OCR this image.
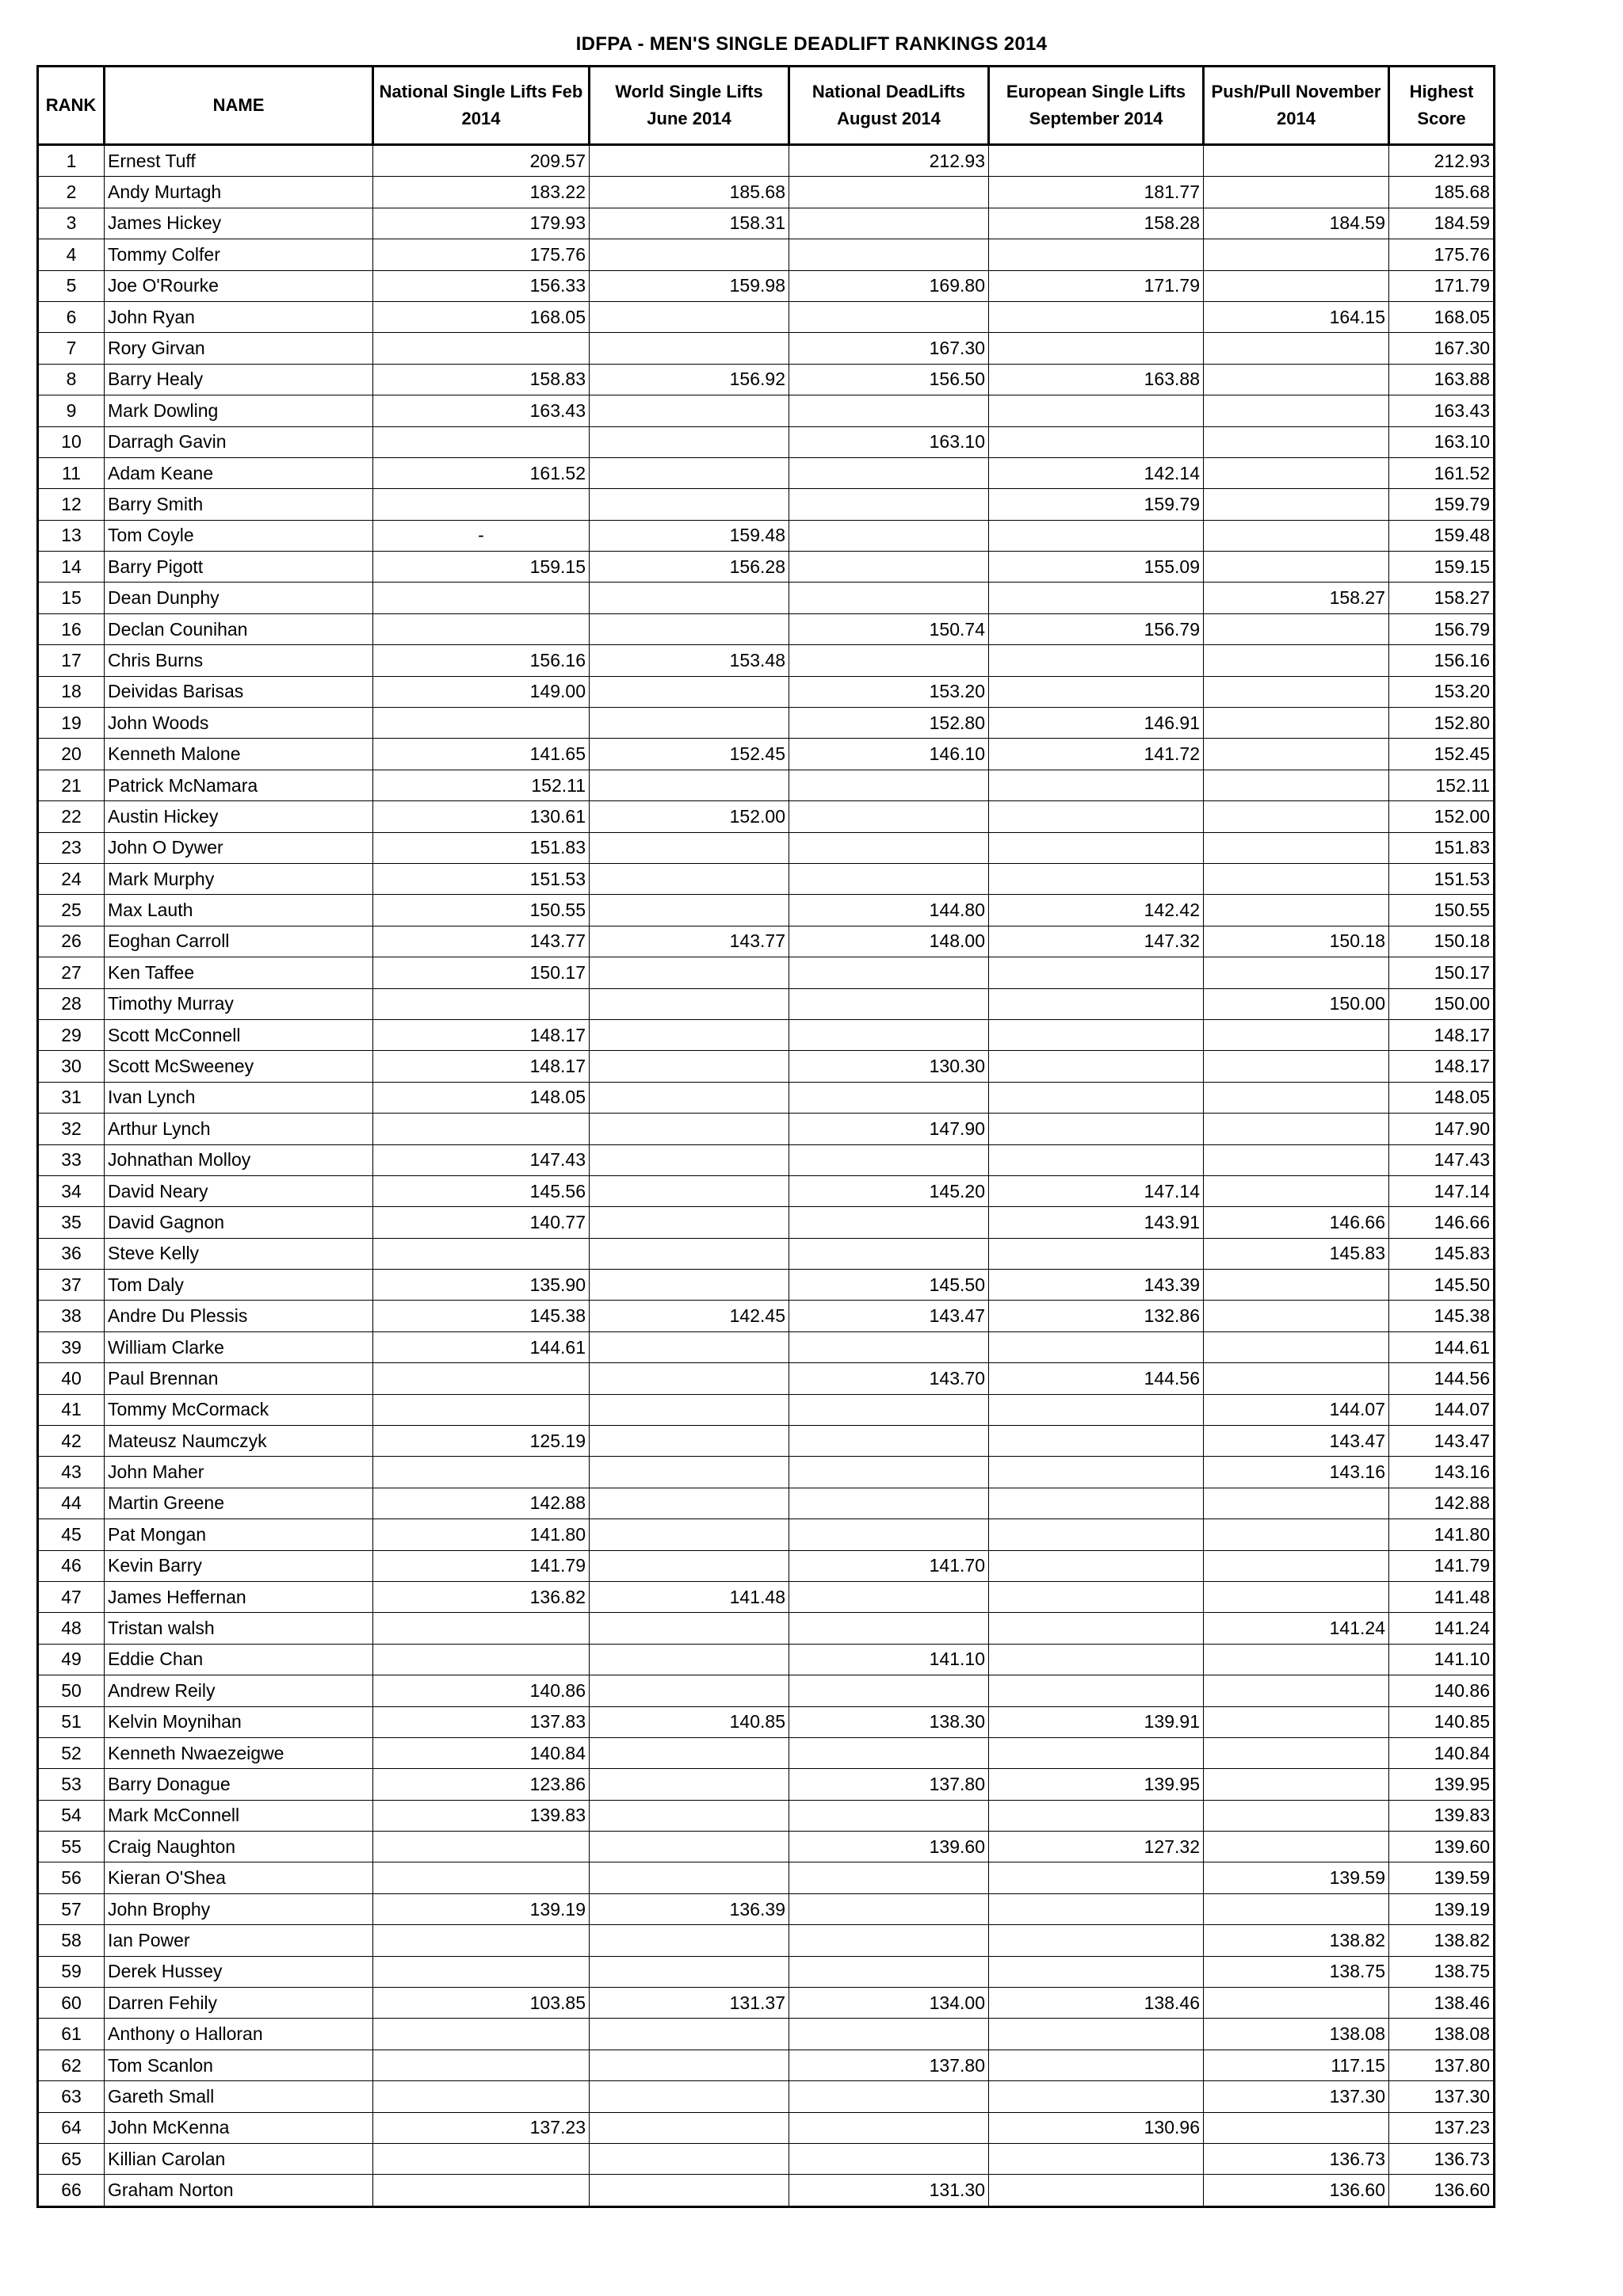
IDFPA - MEN'S SINGLE DEADLIFT RANKINGS 2014
RANK	NAME	National Single Lifts Feb 2014	World Single Lifts June 2014	National DeadLifts August 2014	European Single Lifts September 2014	Push/Pull November 2014	Highest Score
1	Ernest Tuff	209.57		212.93			212.93
2	Andy Murtagh	183.22	185.68		181.77		185.68
3	James Hickey	179.93	158.31		158.28	184.59	184.59
4	Tommy Colfer	175.76					175.76
5	Joe O'Rourke	156.33	159.98	169.80	171.79		171.79
6	John Ryan	168.05				164.15	168.05
7	Rory Girvan			167.30			167.30
8	Barry Healy	158.83	156.92	156.50	163.88		163.88
9	Mark Dowling	163.43					163.43
10	Darragh Gavin			163.10			163.10
11	Adam Keane	161.52			142.14		161.52
12	Barry Smith				159.79		159.79
13	Tom Coyle	-	159.48				159.48
14	Barry Pigott	159.15	156.28		155.09		159.15
15	Dean Dunphy					158.27	158.27
16	Declan Counihan			150.74	156.79		156.79
17	Chris Burns	156.16	153.48				156.16
18	Deividas Barisas	149.00		153.20			153.20
19	John Woods			152.80	146.91		152.80
20	Kenneth Malone	141.65	152.45	146.10	141.72		152.45
21	Patrick McNamara	152.11					152.11
22	Austin Hickey	130.61	152.00				152.00
23	John O Dywer	151.83					151.83
24	Mark Murphy	151.53					151.53
25	Max Lauth	150.55		144.80	142.42		150.55
26	Eoghan Carroll	143.77	143.77	148.00	147.32	150.18	150.18
27	Ken Taffee	150.17					150.17
28	Timothy Murray					150.00	150.00
29	Scott McConnell	148.17					148.17
30	Scott McSweeney	148.17		130.30			148.17
31	Ivan Lynch	148.05					148.05
32	Arthur Lynch			147.90			147.90
33	Johnathan Molloy	147.43					147.43
34	David Neary	145.56		145.20	147.14		147.14
35	David Gagnon	140.77			143.91	146.66	146.66
36	Steve Kelly					145.83	145.83
37	Tom Daly	135.90		145.50	143.39		145.50
38	Andre Du Plessis	145.38	142.45	143.47	132.86		145.38
39	William Clarke	144.61					144.61
40	Paul Brennan			143.70	144.56		144.56
41	Tommy McCormack					144.07	144.07
42	Mateusz Naumczyk	125.19				143.47	143.47
43	John Maher					143.16	143.16
44	Martin Greene	142.88					142.88
45	Pat Mongan	141.80					141.80
46	Kevin Barry	141.79		141.70			141.79
47	James Heffernan	136.82	141.48				141.48
48	Tristan walsh					141.24	141.24
49	Eddie Chan			141.10			141.10
50	Andrew Reily	140.86					140.86
51	Kelvin Moynihan	137.83	140.85	138.30	139.91		140.85
52	Kenneth Nwaezeigwe	140.84					140.84
53	Barry Donague	123.86		137.80	139.95		139.95
54	Mark McConnell	139.83					139.83
55	Craig Naughton			139.60	127.32		139.60
56	Kieran O'Shea					139.59	139.59
57	John Brophy	139.19	136.39				139.19
58	Ian Power					138.82	138.82
59	Derek Hussey					138.75	138.75
60	Darren Fehily	103.85	131.37	134.00	138.46		138.46
61	Anthony o Halloran					138.08	138.08
62	Tom Scanlon			137.80		117.15	137.80
63	Gareth Small					137.30	137.30
64	John McKenna	137.23			130.96		137.23
65	Killian Carolan					136.73	136.73
66	Graham Norton			131.30		136.60	136.60
